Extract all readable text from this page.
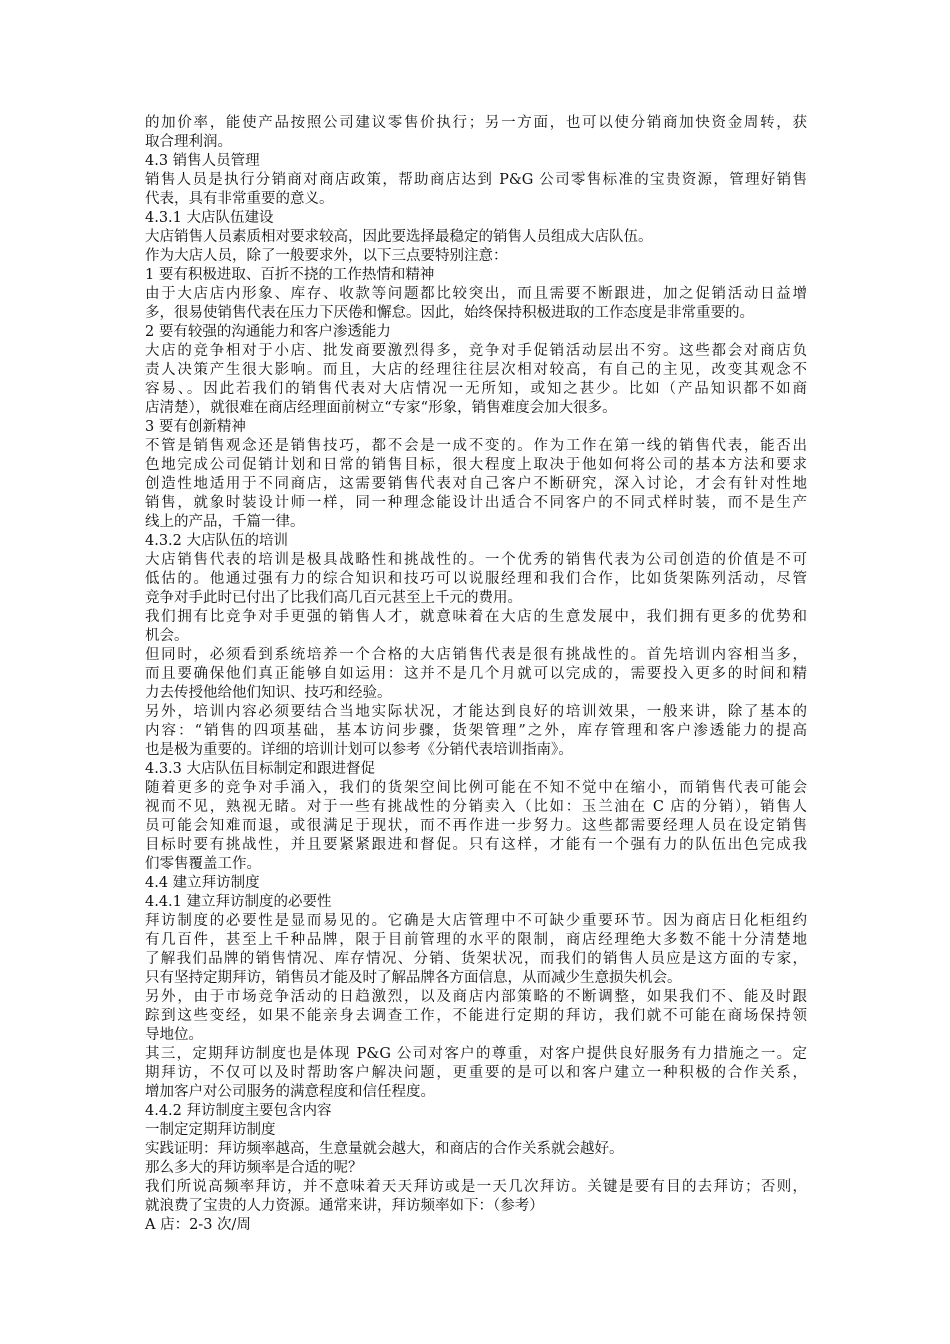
的加价率，能使产品按照公司建议零售价执行；另一方面，也可以使分销商加快资金周转，获
取合理利润。
4.3 销售人员管理
销售人员是执行分销商对商店政策，帮助商店达到 P&G 公司零售标准的宝贵资源，管理好销售
代表，具有非常重要的意义。
4.3.1 大店队伍建设
大店销售人员素质相对要求较高，因此要选择最稳定的销售人员组成大店队伍。
作为大店人员，除了一般要求外，以下三点要特别注意：
1 要有积极进取、百折不挠的工作热情和精神
由于大店店内形象、库存、收款等问题都比较突出，而且需要不断跟进，加之促销活动日益增
多，很易使销售代表在压力下厌倦和懈怠。因此，始终保持积极进取的工作态度是非常重要的。
2 要有较强的沟通能力和客户渗透能力
大店的竞争相对于小店、批发商要激烈得多，竞争对手促销活动层出不穷。这些都会对商店负
责人决策产生很大影响。而且，大店的经理往往层次相对较高，有自己的主见，改变其观念不
容易、。因此若我们的销售代表对大店情况一无所知，或知之甚少。比如（产品知识都不如商
店清楚），就很难在商店经理面前树立“专家“形象，销售难度会加大很多。
3 要有创新精神
不管是销售观念还是销售技巧，都不会是一成不变的。作为工作在第一线的销售代表，能否出
色地完成公司促销计划和日常的销售目标，很大程度上取决于他如何将公司的基本方法和要求
创造性地适用于不同商店，这需要销售代表对自己客户不断研究，深入讨论，才会有针对性地
销售，就象时装设计师一样，同一种理念能设计出适合不同客户的不同式样时装，而不是生产
线上的产品，千篇一律。
4.3.2 大店队伍的培训
大店销售代表的培训是极具战略性和挑战性的。一个优秀的销售代表为公司创造的价值是不可
低估的。他通过强有力的综合知识和技巧可以说服经理和我们合作，比如货架陈列活动，尽管
竞争对手此时已付出了比我们高几百元甚至上千元的费用。
我们拥有比竞争对手更强的销售人才，就意味着在大店的生意发展中，我们拥有更多的优势和
机会。
但同时，必须看到系统培养一个合格的大店销售代表是很有挑战性的。首先培训内容相当多，
而且要确保他们真正能够自如运用：这并不是几个月就可以完成的，需要投入更多的时间和精
力去传授他给他们知识、技巧和经验。
另外，培训内容必须要结合当地实际状况，才能达到良好的培训效果，一般来讲，除了基本的
内容：“销售的四项基础，基本访问步骤，货架管理”之外，库存管理和客户渗透能力的提高
也是极为重要的。详细的培训计划可以参考《分销代表培训指南》。
4.3.3 大店队伍目标制定和跟进督促
随着更多的竞争对手涌入，我们的货架空间比例可能在不知不觉中在缩小，而销售代表可能会
视而不见，熟视无睹。对于一些有挑战性的分销卖入（比如：玉兰油在 C 店的分销），销售人
员可能会知难而退，或很满足于现状，而不再作进一步努力。这些都需要经理人员在设定销售
目标时要有挑战性，并且要紧紧跟进和督促。只有这样，才能有一个强有力的队伍出色完成我
们零售覆盖工作。
4.4 建立拜访制度
4.4.1 建立拜访制度的必要性
拜访制度的必要性是显而易见的。它确是大店管理中不可缺少重要环节。因为商店日化柜组约
有几百件，甚至上千种品牌，限于目前管理的水平的限制，商店经理绝大多数不能十分清楚地
了解我们品牌的销售情况、库存情况、分销、货架状况，而我们的销售人员应是这方面的专家，
只有坚持定期拜访，销售员才能及时了解品牌各方面信息，从而减少生意损失机会。
另外，由于市场竞争活动的日趋激烈，以及商店内部策略的不断调整，如果我们不、能及时跟
踪到这些变经，如果不能亲身去调查工作，不能进行定期的拜访，我们就不可能在商场保持领
导地位。
其三，定期拜访制度也是体现 P&G 公司对客户的尊重，对客户提供良好服务有力措施之一。定
期拜访，不仅可以及时帮助客户解决问题，更重要的是可以和客户建立一种积极的合作关系，
增加客户对公司服务的满意程度和信任程度。
4.4.2 拜访制度主要包含内容
一制定定期拜访制度
实践证明：拜访频率越高，生意量就会越大，和商店的合作关系就会越好。
那么多大的拜访频率是合适的呢？
我们所说高频率拜访，并不意味着天天拜访或是一天几次拜访。关键是要有目的去拜访；否则，
就浪费了宝贵的人力资源。通常来讲，拜访频率如下：（参考）
A 店：2-3 次/周
